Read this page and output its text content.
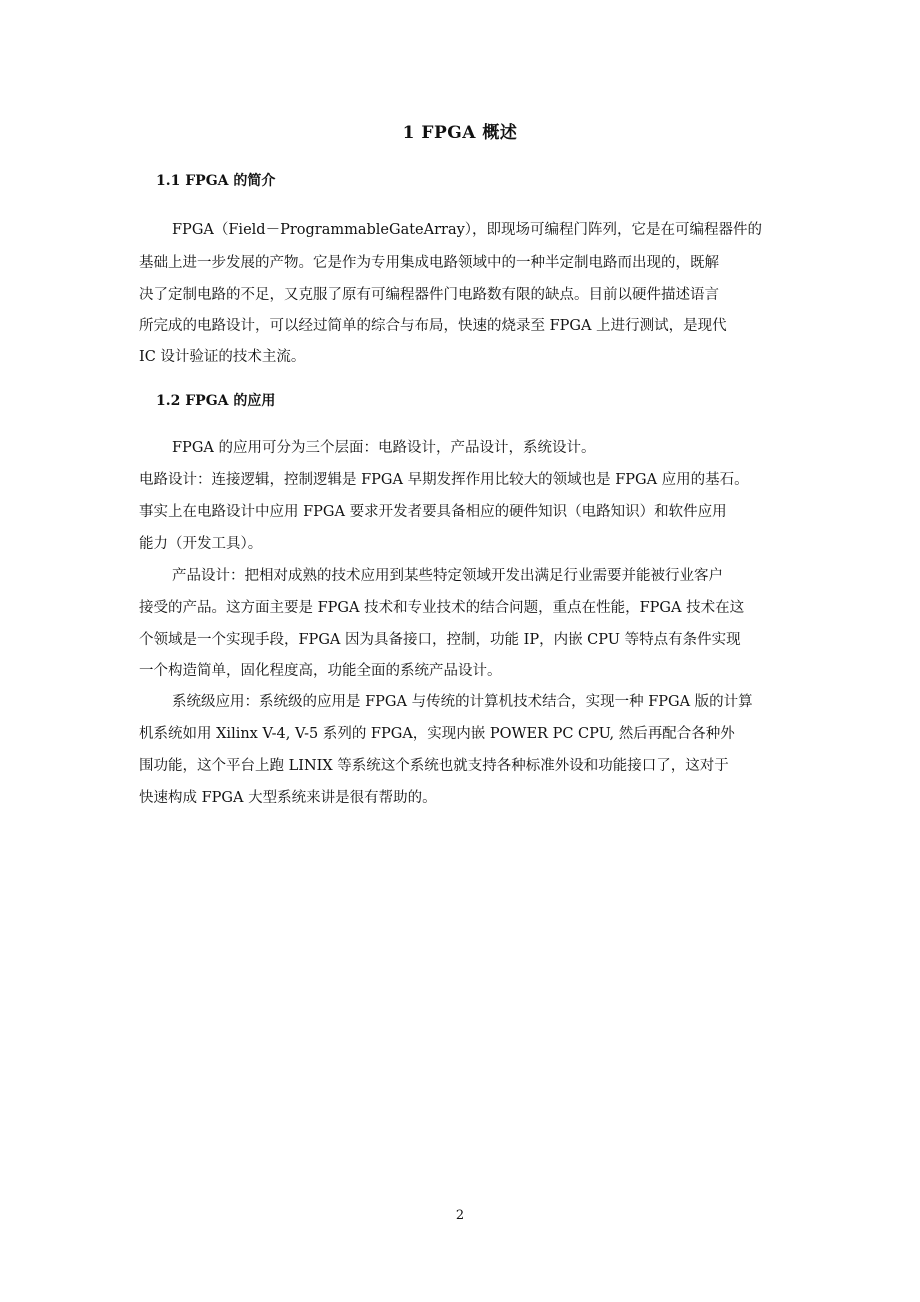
1 FPGA 概述
1.1 FPGA 的简介
FPGA（Field－ProgrammableGateArray），即现场可编程门阵列，它是在可编程器件的
基础上进一步发展的产物。它是作为专用集成电路领域中的一种半定制电路而出现的，既解
决了定制电路的不足，又克服了原有可编程器件门电路数有限的缺点。目前以硬件描述语言
所完成的电路设计，可以经过简单的综合与布局，快速的烧录至 FPGA 上进行测试，是现代
IC 设计验证的技术主流。
1.2 FPGA 的应用
FPGA 的应用可分为三个层面：电路设计，产品设计，系统设计。
电路设计：连接逻辑，控制逻辑是 FPGA 早期发挥作用比较大的领域也是 FPGA 应用的基石。
事实上在电路设计中应用 FPGA 要求开发者要具备相应的硬件知识（电路知识）和软件应用
能力（开发工具）。
产品设计：把相对成熟的技术应用到某些特定领域开发出满足行业需要并能被行业客户
接受的产品。这方面主要是 FPGA 技术和专业技术的结合问题，重点在性能，FPGA 技术在这
个领域是一个实现手段，FPGA 因为具备接口，控制，功能 IP，内嵌 CPU 等特点有条件实现
一个构造简单，固化程度高，功能全面的系统产品设计。
系统级应用：系统级的应用是 FPGA 与传统的计算机技术结合，实现一种 FPGA 版的计算
机系统如用 Xilinx V-4, V-5 系列的 FPGA，实现内嵌 POWER PC CPU, 然后再配合各种外
围功能，这个平台上跑 LINIX 等系统这个系统也就支持各种标准外设和功能接口了，这对于
快速构成 FPGA 大型系统来讲是很有帮助的。
2
